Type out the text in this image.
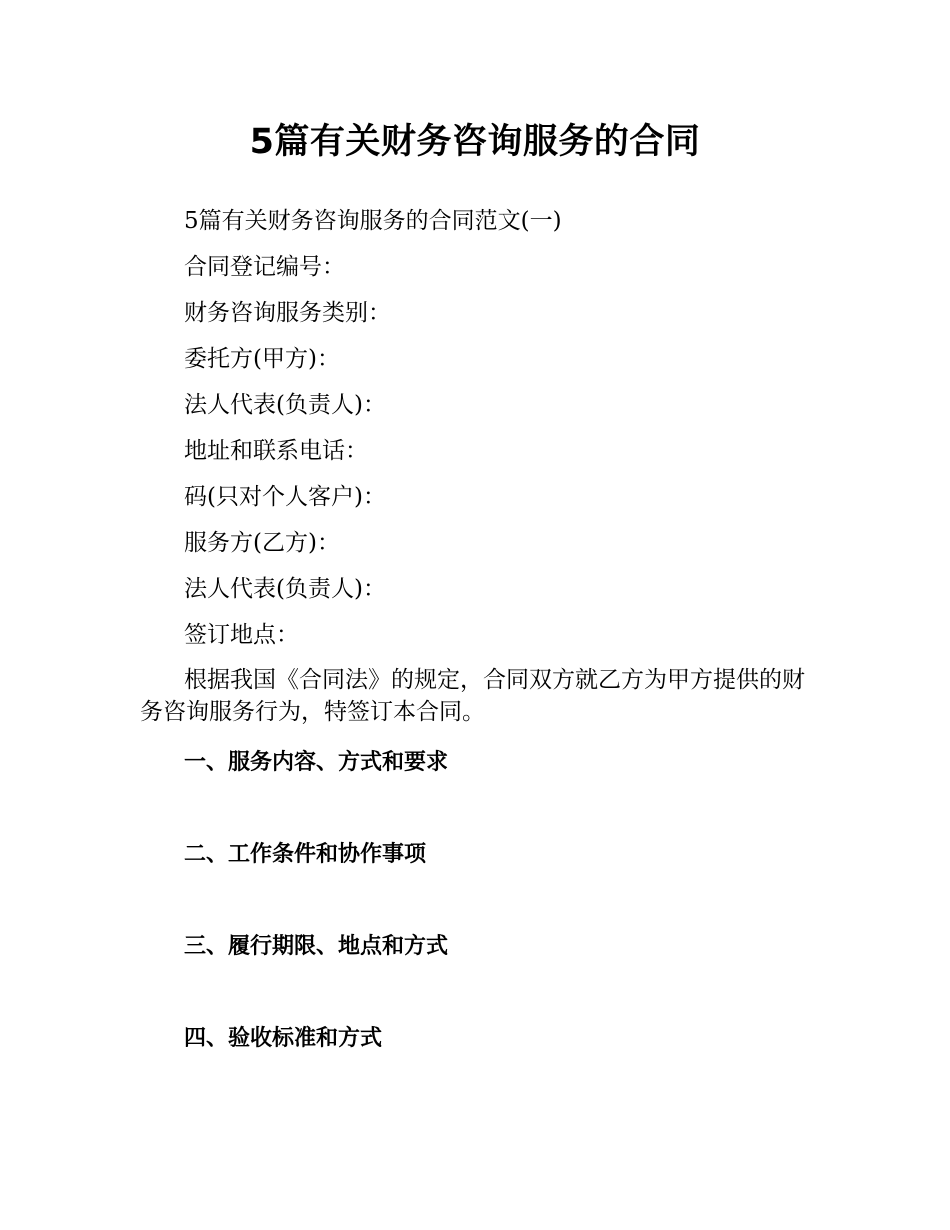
5篇有关财务咨询服务的合同
5篇有关财务咨询服务的合同范文(一)
合同登记编号：
财务咨询服务类别：
委托方(甲方)：
法人代表(负责人)：
地址和联系电话：
码(只对个人客户)：
服务方(乙方)：
法人代表(负责人)：
签订地点：
根据我国《合同法》的规定，合同双方就乙方为甲方提供的财务咨询服务行为，特签订本合同。
一、服务内容、方式和要求
二、工作条件和协作事项
三、履行期限、地点和方式
四、验收标准和方式
